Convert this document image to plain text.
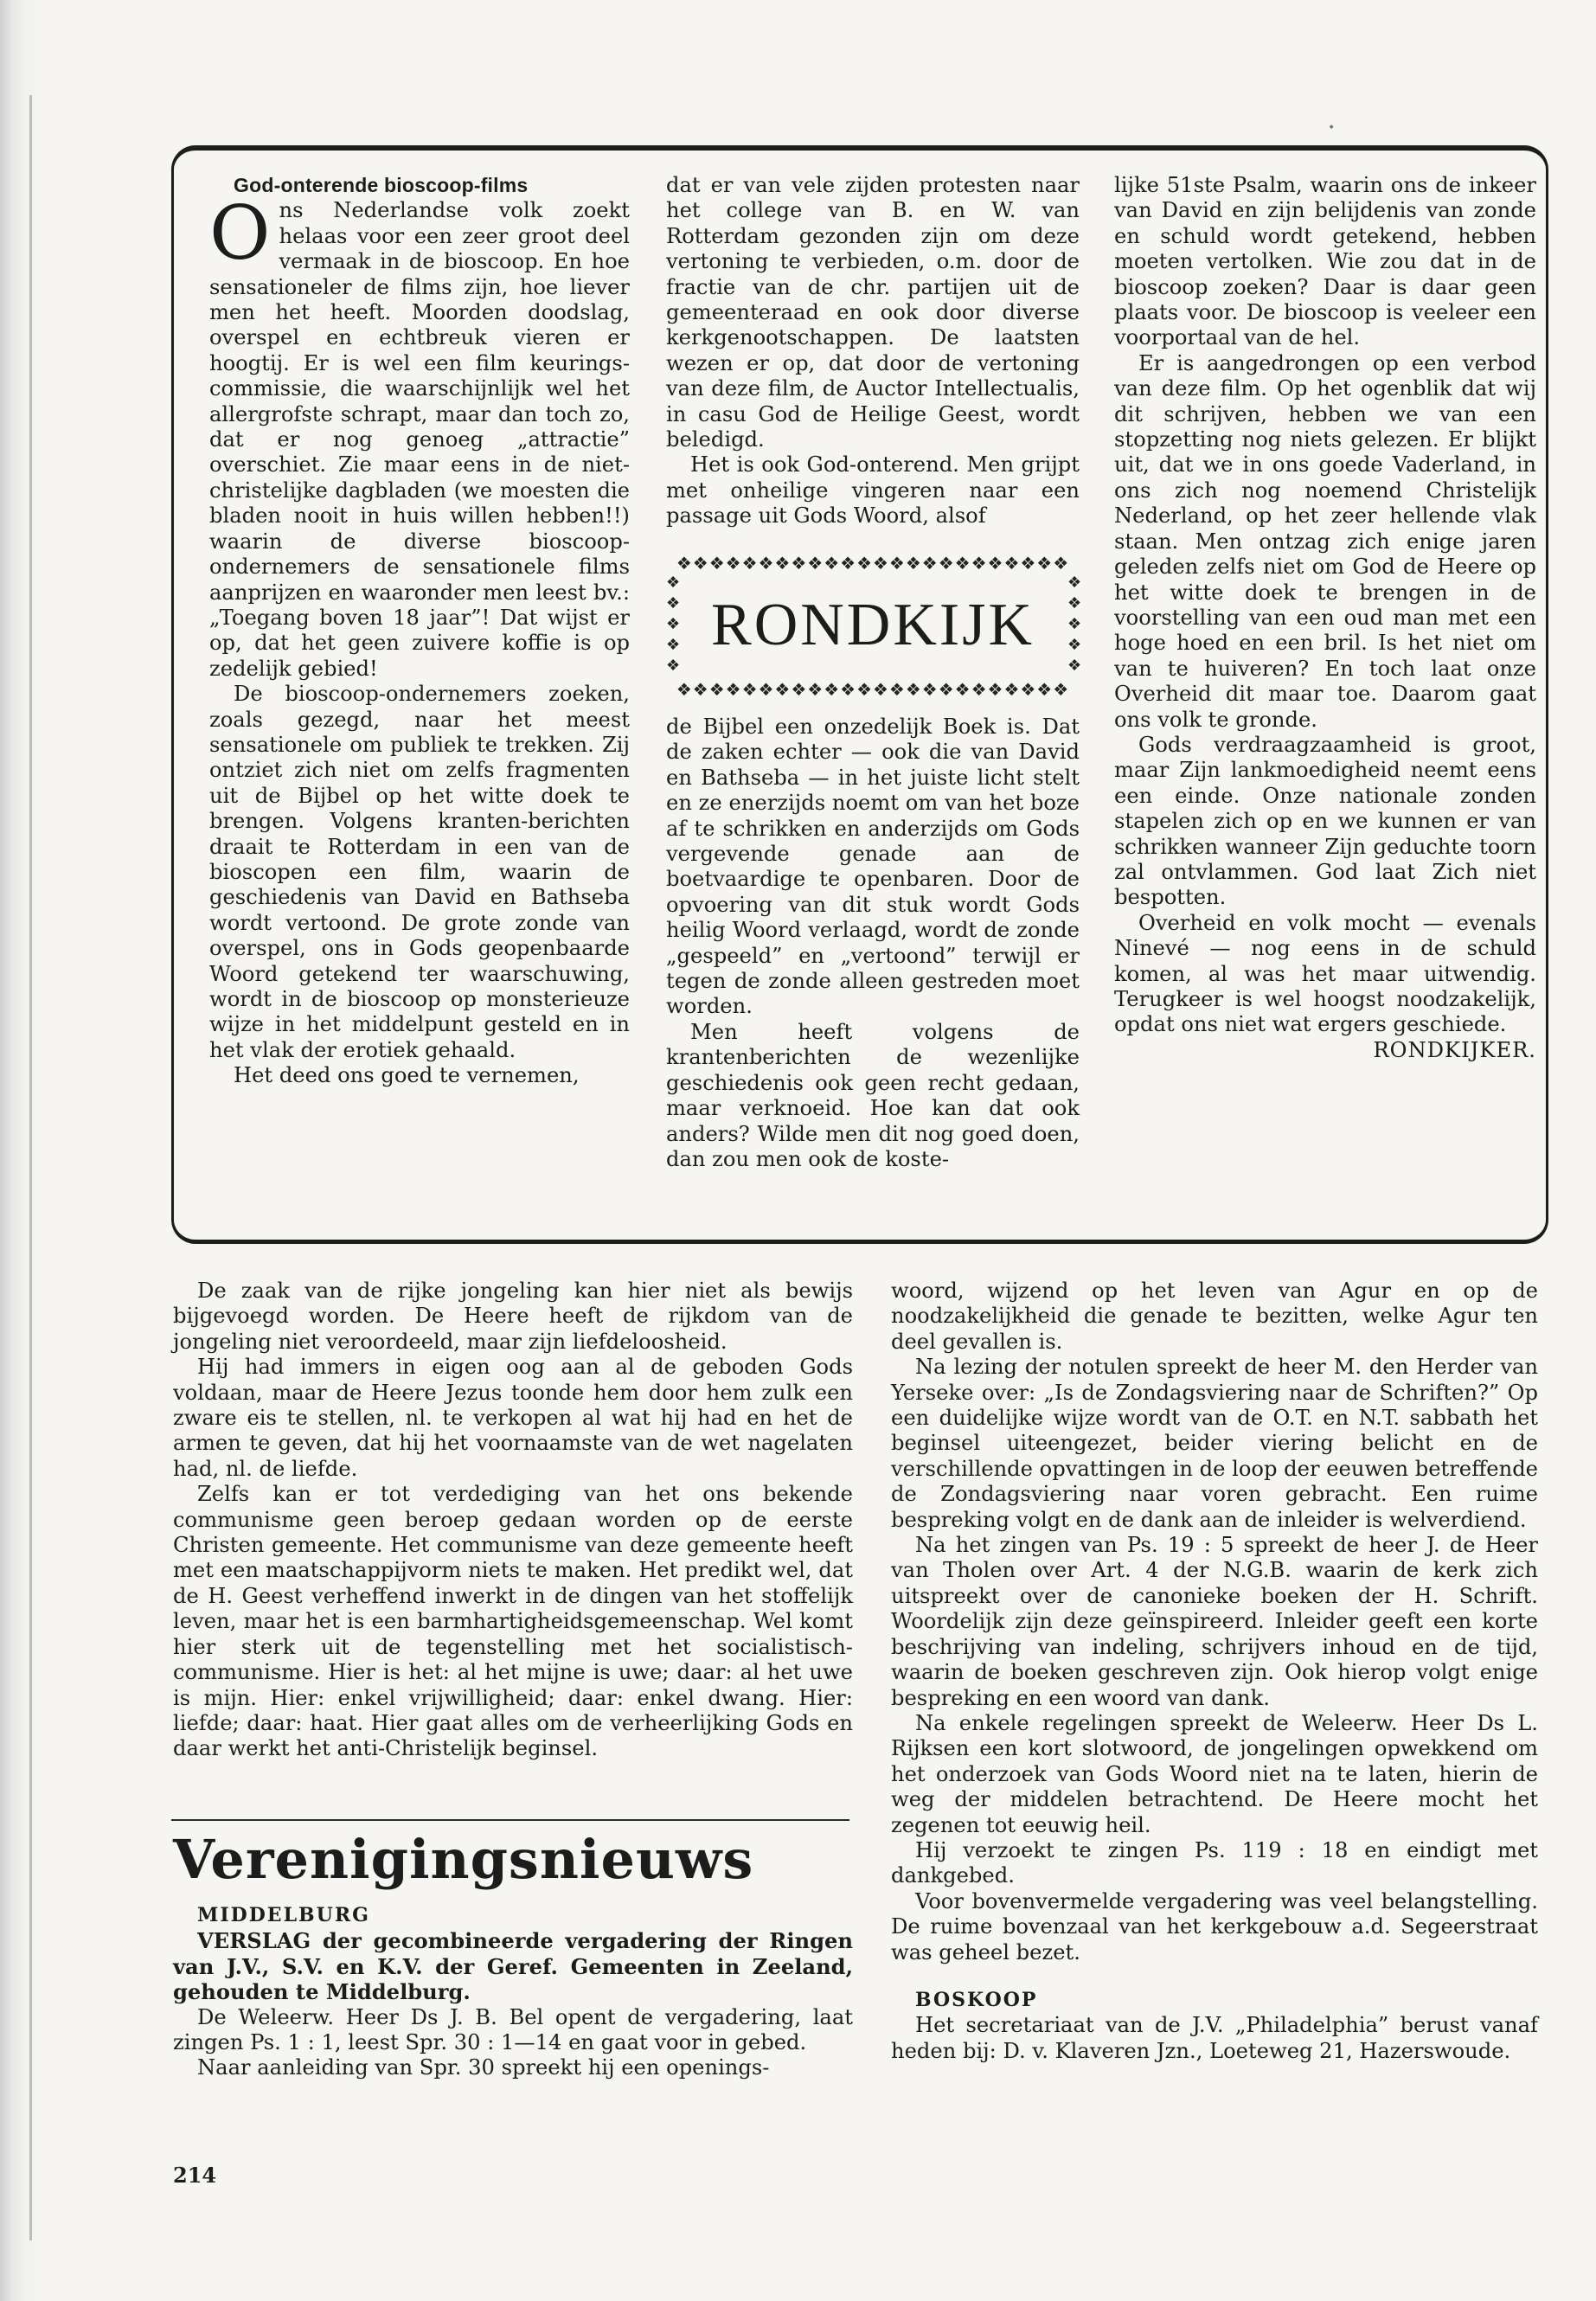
•

God-onterende bioscoop-films

Ons Nederlandse volk zoekt helaas voor een zeer groot deel vermaak in de bioscoop. En hoe sensationeler de films zijn, hoe liever men het heeft. Moorden doodslag, overspel en echtbreuk vieren er hoogtij. Er is wel een film keurings-commissie, die waarschijnlijk wel het allergrofste schrapt, maar dan toch zo, dat er nog genoeg „attractie” overschiet. Zie maar eens in de niet-christelijke dagbladen (we moesten die bladen nooit in huis willen hebben!!) waarin de diverse bioscoop-ondernemers de sensationele films aanprijzen en waaronder men leest bv.: „Toegang boven 18 jaar”! Dat wijst er op, dat het geen zuivere koffie is op zedelijk gebied!

De bioscoop-ondernemers zoeken, zoals gezegd, naar het meest sensationele om publiek te trekken. Zij ontziet zich niet om zelfs fragmenten uit de Bijbel op het witte doek te brengen. Volgens kranten-berichten draait te Rotterdam in een van de bioscopen een film, waarin de geschiedenis van David en Bathseba wordt vertoond. De grote zonde van overspel, ons in Gods geopenbaarde Woord getekend ter waarschuwing, wordt in de bioscoop op monsterieuze wijze in het middelpunt gesteld en in het vlak der erotiek gehaald.

Het deed ons goed te vernemen,

dat er van vele zijden protesten naar het college van B. en W. van Rotterdam gezonden zijn om deze vertoning te verbieden, o.m. door de fractie van de chr. partijen uit de gemeenteraad en ook door diverse kerkgenootschappen. De laatsten wezen er op, dat door de vertoning van deze film, de Auctor Intellectualis, in casu God de Heilige Geest, wordt beledigd.

Het is ook God-onterend. Men grijpt met onheilige vingeren naar een passage uit Gods Woord, alsof

❖❖❖❖❖❖❖❖❖❖❖❖❖❖❖❖❖❖❖❖❖❖❖❖
❖
❖
❖
❖
❖
RONDKIJK
❖
❖
❖
❖
❖
❖❖❖❖❖❖❖❖❖❖❖❖❖❖❖❖❖❖❖❖❖❖❖❖

de Bijbel een onzedelijk Boek is. Dat de zaken echter — ook die van David en Bathseba — in het juiste licht stelt en ze enerzijds noemt om van het boze af te schrikken en anderzijds om Gods vergevende genade aan de boetvaardige te openbaren. Door de opvoering van dit stuk wordt Gods heilig Woord verlaagd, wordt de zonde „gespeeld” en „vertoond” terwijl er tegen de zonde alleen gestreden moet worden.

Men heeft volgens de krantenberichten de wezenlijke geschiedenis ook geen recht gedaan, maar verknoeid. Hoe kan dat ook anders? Wilde men dit nog goed doen, dan zou men ook de koste-

lijke 51ste Psalm, waarin ons de inkeer van David en zijn belijdenis van zonde en schuld wordt getekend, hebben moeten vertolken. Wie zou dat in de bioscoop zoeken? Daar is daar geen plaats voor. De bioscoop is veeleer een voorportaal van de hel.

Er is aangedrongen op een verbod van deze film. Op het ogenblik dat wij dit schrijven, hebben we van een stopzetting nog niets gelezen. Er blijkt uit, dat we in ons goede Vaderland, in ons zich nog noemend Christelijk Nederland, op het zeer hellende vlak staan. Men ontzag zich enige jaren geleden zelfs niet om God de Heere op het witte doek te brengen in de voorstelling van een oud man met een hoge hoed en een bril. Is het niet om van te huiveren? En toch laat onze Overheid dit maar toe. Daarom gaat ons volk te gronde.

Gods verdraagzaamheid is groot, maar Zijn lankmoedigheid neemt eens een einde. Onze nationale zonden stapelen zich op en we kunnen er van schrikken wanneer Zijn geduchte toorn zal ontvlammen. God laat Zich niet bespotten.

Overheid en volk mocht — evenals Ninevé — nog eens in de schuld komen, al was het maar uitwendig. Terugkeer is wel hoogst noodzakelijk, opdat ons niet wat ergers geschiede.

RONDKIJKER.

De zaak van de rijke jongeling kan hier niet als bewijs bijgevoegd worden. De Heere heeft de rijkdom van de jongeling niet veroordeeld, maar zijn liefdeloosheid.

Hij had immers in eigen oog aan al de geboden Gods voldaan, maar de Heere Jezus toonde hem door hem zulk een zware eis te stellen, nl. te verkopen al wat hij had en het de armen te geven, dat hij het voornaamste van de wet nagelaten had, nl. de liefde.

Zelfs kan er tot verdediging van het ons bekende communisme geen beroep gedaan worden op de eerste Christen gemeente. Het communisme van deze gemeente heeft met een maatschappijvorm niets te maken. Het predikt wel, dat de H. Geest verheffend inwerkt in de dingen van het stoffelijk leven, maar het is een barmhartigheidsgemeenschap. Wel komt hier sterk uit de tegenstelling met het socialistisch-communisme. Hier is het: al het mijne is uwe; daar: al het uwe is mijn. Hier: enkel vrijwilligheid; daar: enkel dwang. Hier: liefde; daar: haat. Hier gaat alles om de verheerlijking Gods en daar werkt het anti-Christelijk beginsel.

Verenigingsnieuws

MIDDELBURG

VERSLAG der gecombineerde vergadering der Ringen van J.V., S.V. en K.V. der Geref. Gemeenten in Zeeland, gehouden te Middelburg.

De Weleerw. Heer Ds J. B. Bel opent de vergadering, laat zingen Ps. 1 : 1, leest Spr. 30 : 1—14 en gaat voor in gebed.

Naar aanleiding van Spr. 30 spreekt hij een openings-

woord, wijzend op het leven van Agur en op de noodzakelijkheid die genade te bezitten, welke Agur ten deel gevallen is.

Na lezing der notulen spreekt de heer M. den Herder van Yerseke over: „Is de Zondagsviering naar de Schriften?” Op een duidelijke wijze wordt van de O.T. en N.T. sabbath het beginsel uiteengezet, beider viering belicht en de verschillende opvattingen in de loop der eeuwen betreffende de Zondagsviering naar voren gebracht. Een ruime bespreking volgt en de dank aan de inleider is welverdiend.

Na het zingen van Ps. 19 : 5 spreekt de heer J. de Heer van Tholen over Art. 4 der N.G.B. waarin de kerk zich uitspreekt over de canonieke boeken der H. Schrift. Woordelijk zijn deze geïnspireerd. Inleider geeft een korte beschrijving van indeling, schrijvers inhoud en de tijd, waarin de boeken geschreven zijn. Ook hierop volgt enige bespreking en een woord van dank.

Na enkele regelingen spreekt de Weleerw. Heer Ds L. Rijksen een kort slotwoord, de jongelingen opwekkend om het onderzoek van Gods Woord niet na te laten, hierin de weg der middelen betrachtend. De Heere mocht het zegenen tot eeuwig heil.

Hij verzoekt te zingen Ps. 119 : 18 en eindigt met dankgebed.

Voor bovenvermelde vergadering was veel belangstelling. De ruime bovenzaal van het kerkgebouw a.d. Segeerstraat was geheel bezet.

BOSKOOP

Het secretariaat van de J.V. „Philadelphia” berust vanaf heden bij: D. v. Klaveren Jzn., Loeteweg 21, Hazerswoude.

214
